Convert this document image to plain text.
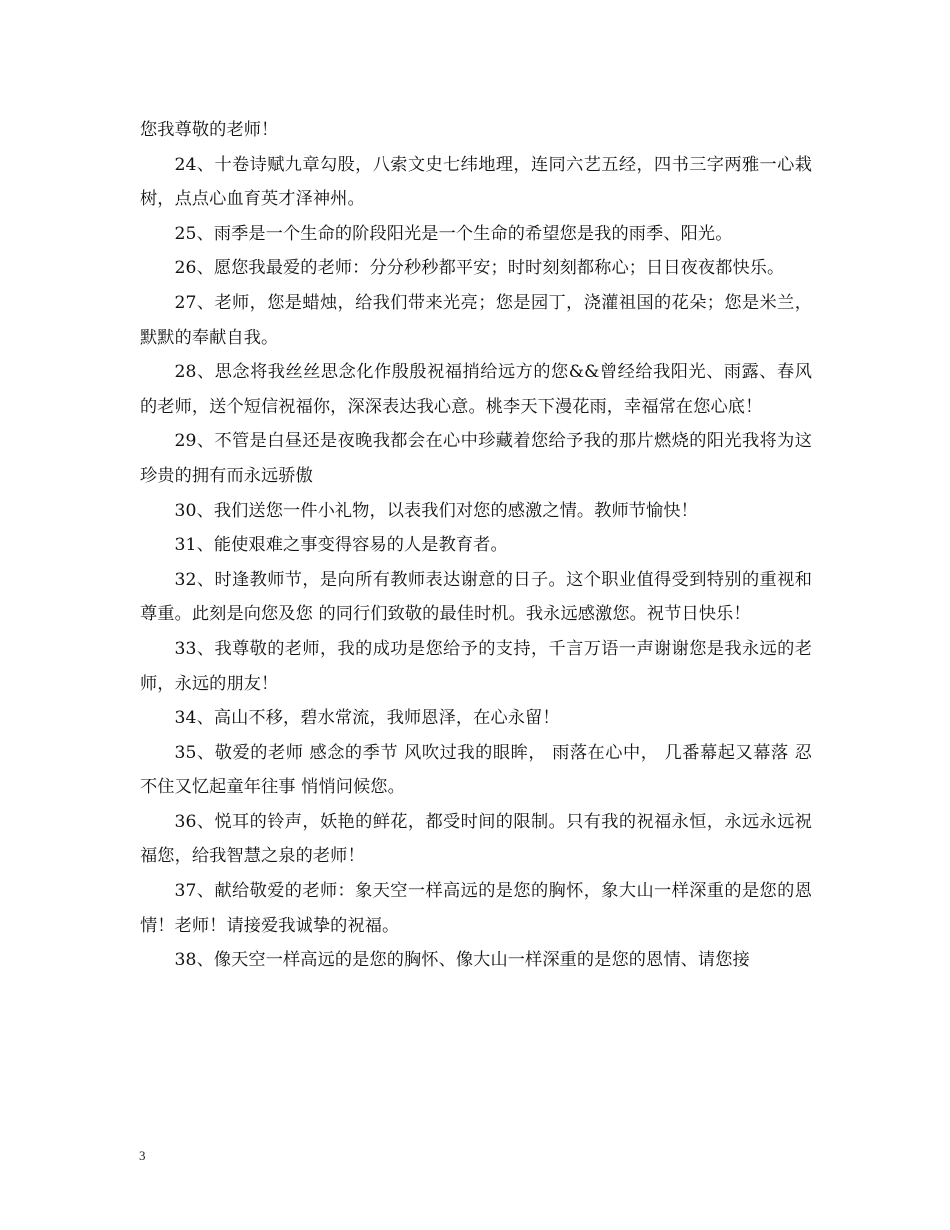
您我尊敬的老师！

24、十卷诗赋九章勾股，八索文史七纬地理，连同六艺五经，四书三字两雅一心栽树，点点心血育英才泽神州。

25、雨季是一个生命的阶段阳光是一个生命的希望您是我的雨季、阳光。

26、愿您我最爱的老师：分分秒秒都平安；时时刻刻都称心；日日夜夜都快乐。

27、老师，您是蜡烛，给我们带来光亮；您是园丁，浇灌祖国的花朵；您是米兰，默默的奉献自我。

28、思念将我丝丝思念化作殷殷祝福捎给远方的您&&曾经给我阳光、雨露、春风的老师，送个短信祝福你，深深表达我心意。桃李天下漫花雨，幸福常在您心底！

29、不管是白昼还是夜晚我都会在心中珍藏着您给予我的那片燃烧的阳光我将为这珍贵的拥有而永远骄傲

30、我们送您一件小礼物，以表我们对您的感激之情。教师节愉快！

31、能使艰难之事变得容易的人是教育者。

32、时逢教师节，是向所有教师表达谢意的日子。这个职业值得受到特别的重视和尊重。此刻是向您及您 的同行们致敬的最佳时机。我永远感激您。祝节日快乐！

33、我尊敬的老师，我的成功是您给予的支持，千言万语一声谢谢您是我永远的老师，永远的朋友！

34、高山不移，碧水常流，我师恩泽，在心永留！

35、敬爱的老师 感念的季节 风吹过我的眼眸， 雨落在心中， 几番幕起又幕落 忍不住又忆起童年往事 悄悄问候您。

36、悦耳的铃声，妖艳的鲜花，都受时间的限制。只有我的祝福永恒，永远永远祝福您，给我智慧之泉的老师！

37、献给敬爱的老师：象天空一样高远的是您的胸怀，象大山一样深重的是您的恩情！老师！请接爱我诚挚的祝福。

38、像天空一样高远的是您的胸怀、像大山一样深重的是您的恩情、请您接

3
